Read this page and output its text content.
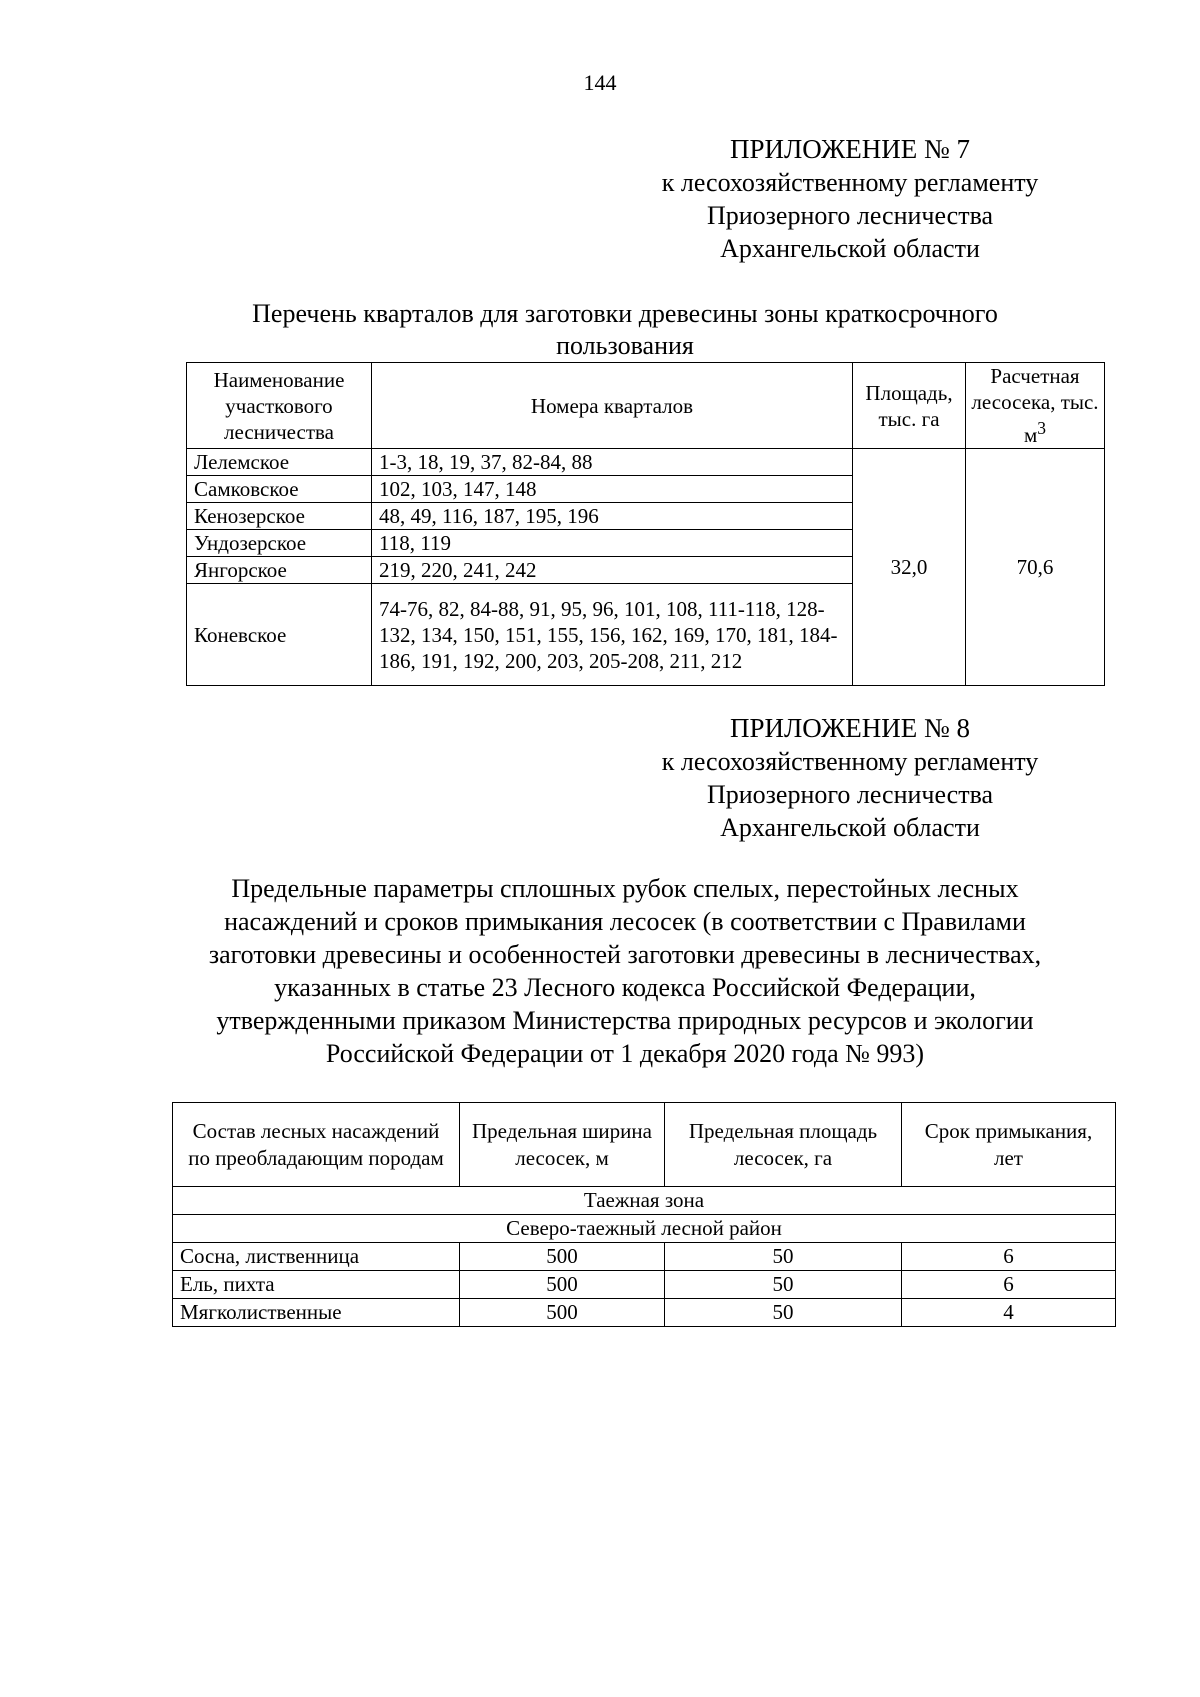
144
ПРИЛОЖЕНИЕ № 7
к лесохозяйственному регламенту
Приозерного лесничества
Архангельской области
Перечень кварталов для заготовки древесины зоны краткосрочного
пользования
Наименование участкового лесничества	Номера кварталов	Площадь, тыс. га	Расчетная лесосека, тыс. $м^3$
Лелемское	1-3, 18, 19, 37, 82-84, 88	32,0	70,6
Самковское	102, 103, 147, 148		
Кенозерское	48, 49, 116, 187, 195, 196		
Ундозерское	118, 119		
Янгорское	219, 220, 241, 242		
Коневское	74-76, 82, 84-88, 91, 95, 96, 101, 108, 111-118, 128-132, 134, 150, 151, 155, 156, 162, 169, 170, 181, 184-186, 191, 192, 200, 203, 205-208, 211, 212		
ПРИЛОЖЕНИЕ № 8
к лесохозяйственному регламенту
Приозерного лесничества
Архангельской области
Предельные параметры сплошных рубок спелых, перестойных лесных
насаждений и сроков примыкания лесосек (в соответствии с Правилами
заготовки древесины и особенностей заготовки древесины в лесничествах,
указанных в статье 23 Лесного кодекса Российской Федерации,
утвержденными приказом Министерства природных ресурсов и экологии
Российской Федерации от 1 декабря 2020 года № 993)
Состав лесных насаждений по преобладающим породам	Предельная ширина лесосек, м	Предельная площадь лесосек, га	Срок примыкания, лет
Таежная зона			
Северо-таежный лесной район			
Сосна, лиственница	500	50	6
Ель, пихта	500	50	6
Мягколиственные	500	50	4
